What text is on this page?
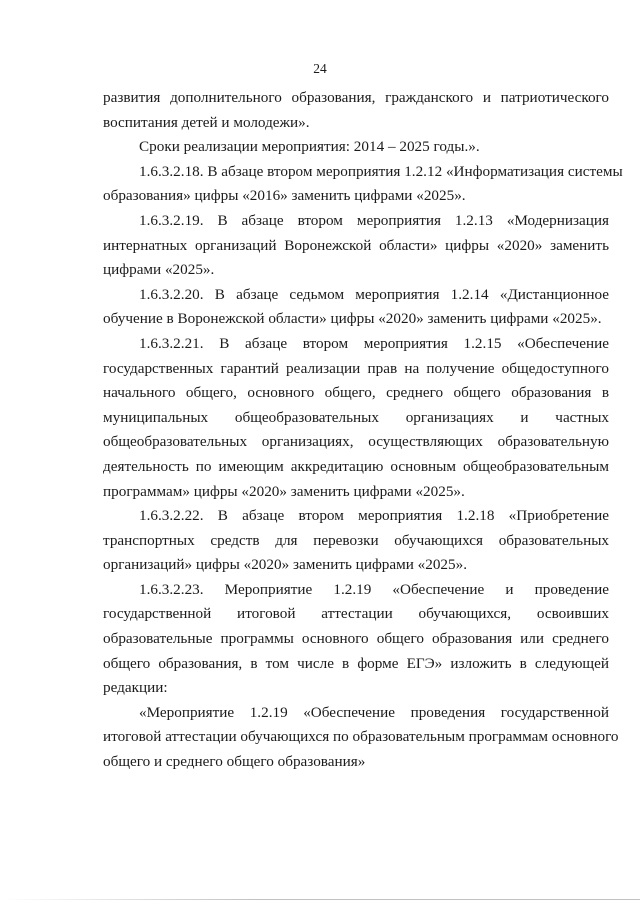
24
развития дополнительного образования, гражданского и патриотического
воспитания детей и молодежи».
Сроки реализации мероприятия: 2014 – 2025 годы.».
1.6.3.2.18. В абзаце втором мероприятия 1.2.12 «Информатизация системы
образования» цифры «2016» заменить цифрами «2025».
1.6.3.2.19. В абзаце втором мероприятия 1.2.13 «Модернизация
интернатных организаций Воронежской области» цифры «2020» заменить
цифрами «2025».
1.6.3.2.20. В абзаце седьмом мероприятия 1.2.14 «Дистанционное
обучение в Воронежской области» цифры «2020» заменить цифрами «2025».
1.6.3.2.21. В абзаце втором мероприятия 1.2.15 «Обеспечение
государственных гарантий реализации прав на получение общедоступного
начального общего, основного общего, среднего общего образования в
муниципальных общеобразовательных организациях и частных
общеобразовательных организациях, осуществляющих образовательную
деятельность по имеющим аккредитацию основным общеобразовательным
программам» цифры «2020» заменить цифрами «2025».
1.6.3.2.22. В абзаце втором мероприятия 1.2.18 «Приобретение
транспортных средств для перевозки обучающихся образовательных
организаций» цифры «2020» заменить цифрами «2025».
1.6.3.2.23. Мероприятие 1.2.19 «Обеспечение и проведение
государственной итоговой аттестации обучающихся, освоивших
образовательные программы основного общего образования или среднего
общего образования, в том числе в форме ЕГЭ» изложить в следующей
редакции:
«Мероприятие 1.2.19 «Обеспечение проведения государственной
итоговой аттестации обучающихся по образовательным программам основного
общего и среднего общего образования»
